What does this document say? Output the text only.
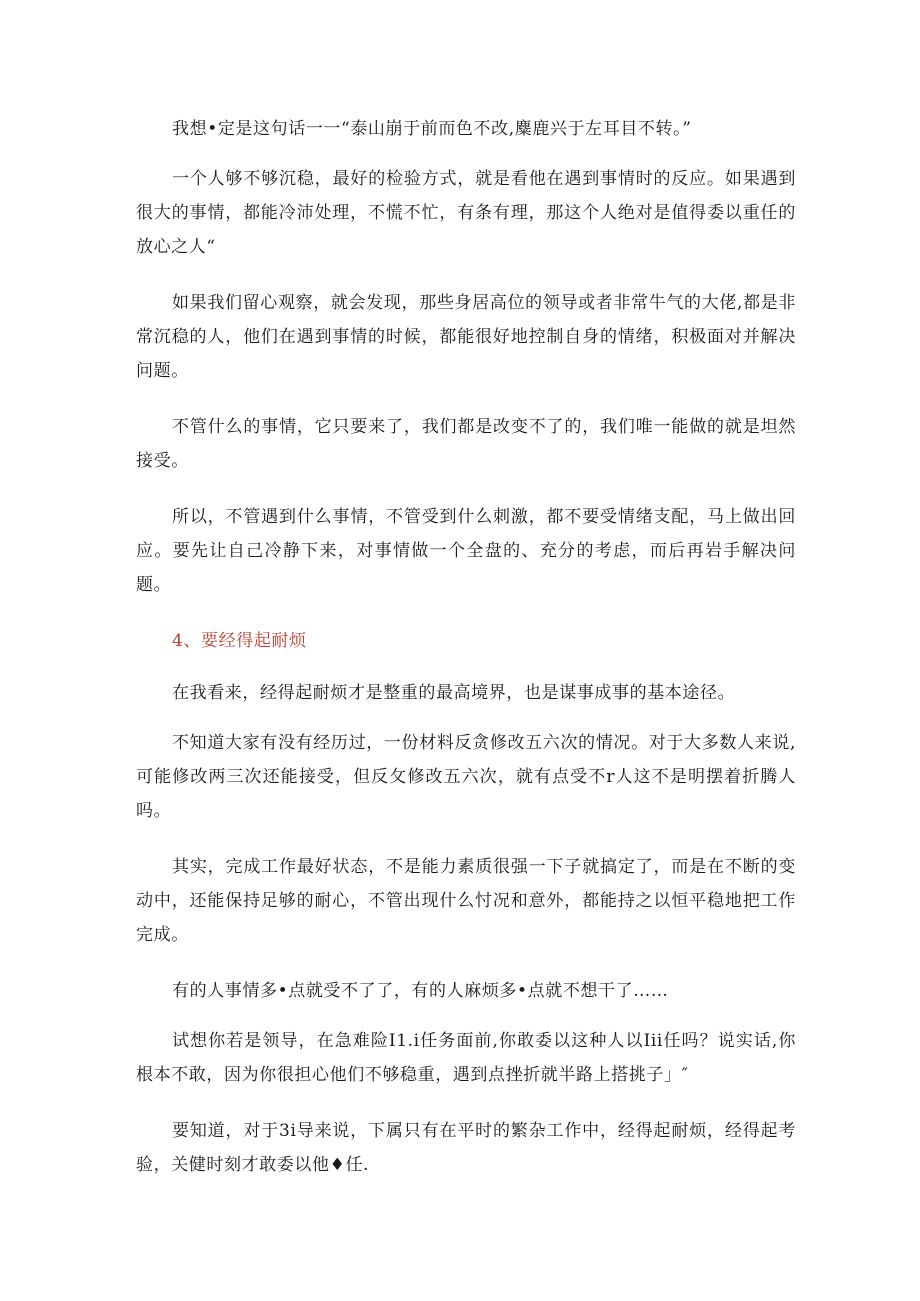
我想•定是这句话一一“泰山崩于前而色不改,麋鹿兴于左耳目不转。”

一个人够不够沉稳，最好的检验方式，就是看他在遇到事情时的反应。如果遇到很大的事情，都能冷沛处理，不慌不忙，有条有理，那这个人绝对是值得委以重任的放心之人“

如果我们留心观察，就会发现，那些身居高位的领导或者非常牛气的大佬,都是非常沉稳的人，他们在遇到事情的时候，都能很好地控制自身的情绪，积极面对并解决问题。

不管什么的事情，它只要来了，我们都是改变不了的，我们唯一能做的就是坦然接受。

所以，不管遇到什么事情，不管受到什么刺激，都不要受情绪支配，马上做出回应。要先让自己冷静下来，对事情做一个全盘的、充分的考虑，而后再岩手解决问题。

4、要经得起耐烦

在我看来，经得起耐烦才是整重的最高境界，也是谋事成事的基本途径。

不知道大家有没有经历过，一份材料反贪修改五六次的情况。对于大多数人来说,可能修改两三次还能接受，但反攵修改五六次，就有点受不r人这不是明摆着折腾人吗。

其实，完成工作最好状态，不是能力素质很强一下子就搞定了，而是在不断的变动中，还能保持足够的耐心，不管出现什么忖况和意外，都能持之以恒平稳地把工作完成。

有的人事情多•点就受不了了，有的人麻烦多•点就不想干了……

试想你若是领导，在急难险I1.i任务面前,你敢委以这种人以Iii任吗？说实话,你根本不敢，因为你很担心他们不够稳重，遇到点挫折就半路上搭挑子」″

要知道，对于3i导来说，下属只有在平时的繁杂工作中，经得起耐烦，经得起考验，关健时刻才敢委以他♦任.
